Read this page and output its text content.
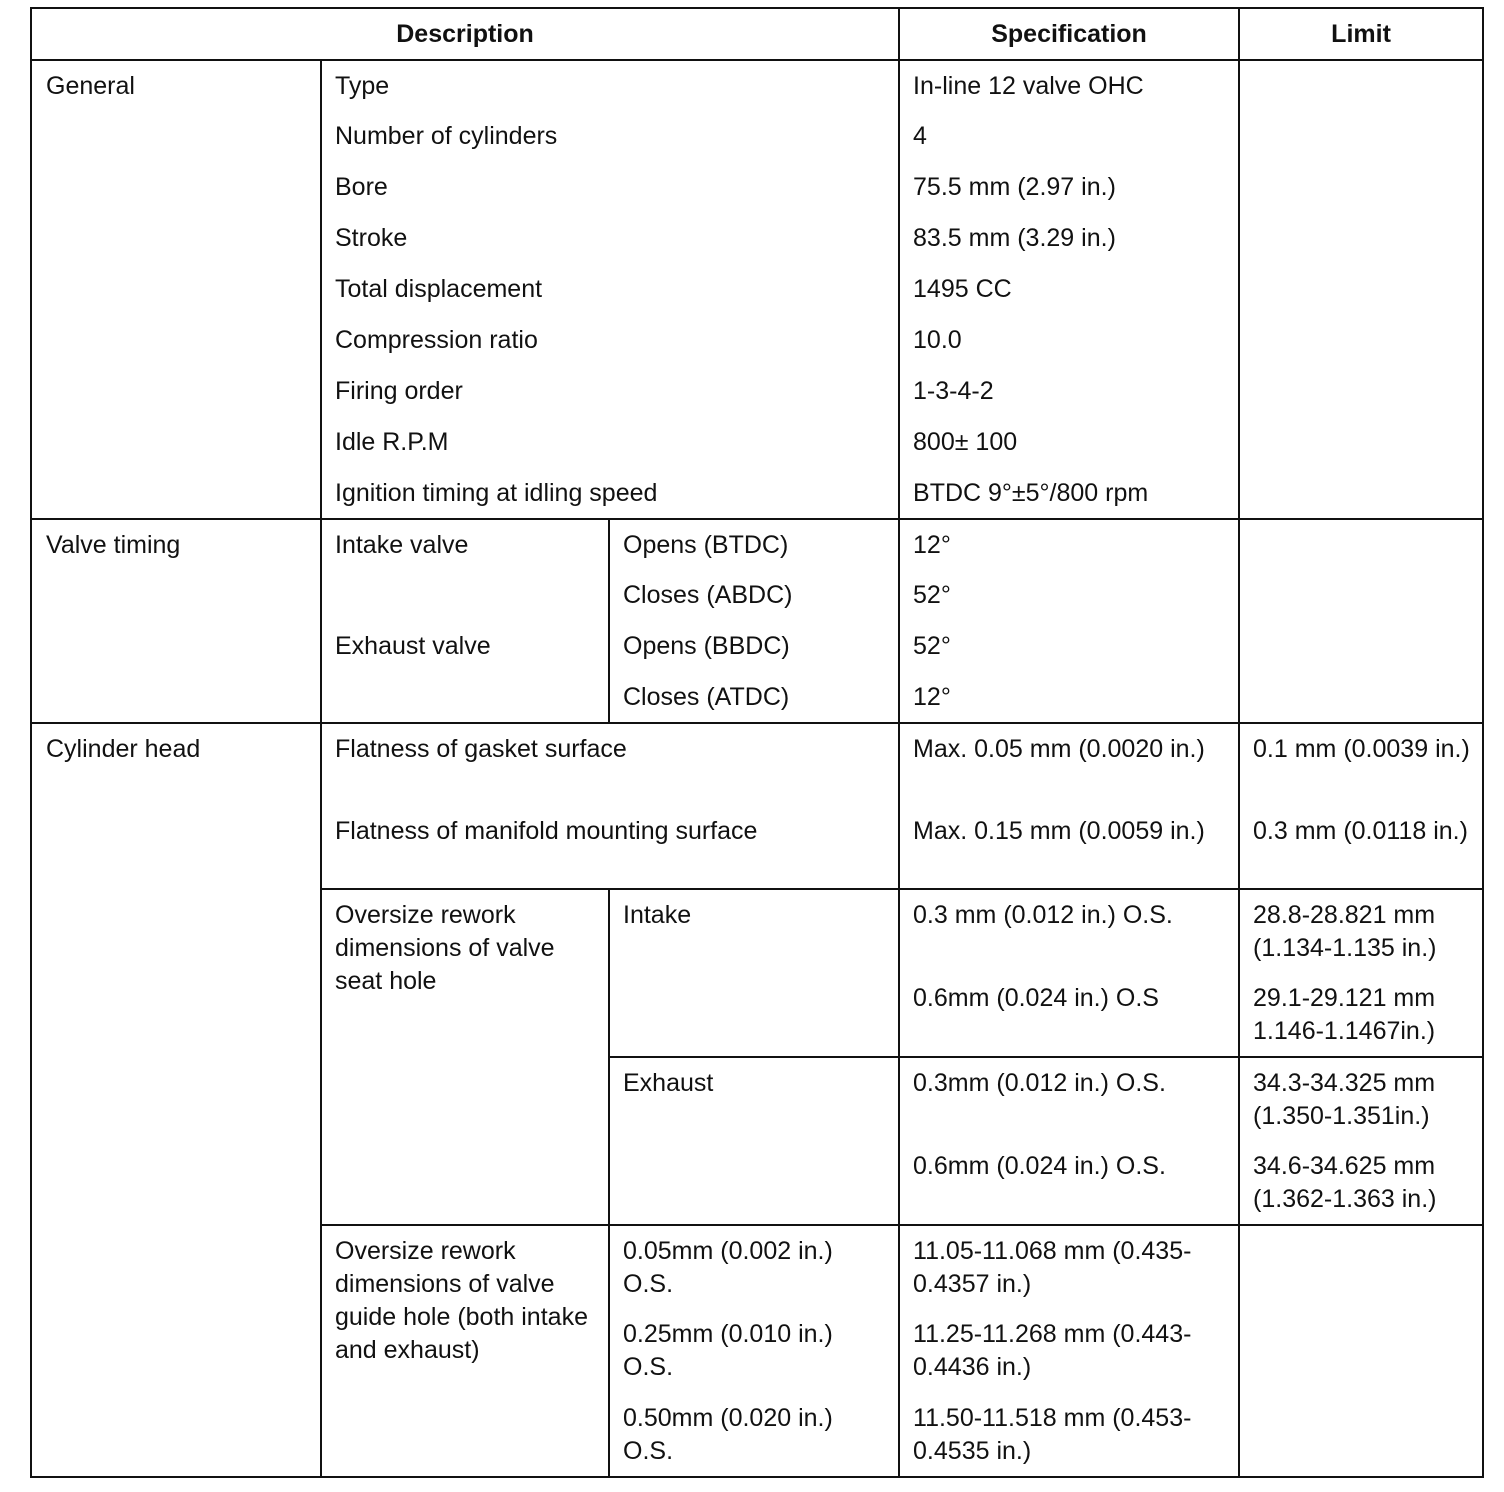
Description			Specification	Limit
General	Type		In-line 12 valve OHC	
	Number of cylinders		4	
	Bore		75.5 mm (2.97 in.)	
	Stroke		83.5 mm (3.29 in.)	
	Total displacement		1495 CC	
	Compression ratio		10.0	
	Firing order		1-3-4-2	
	Idle R.P.M		800± 100	
	Ignition timing at idling speed		BTDC 9°±5°/800 rpm	
Valve timing	Intake valve	Opens (BTDC)	12°	
		Closes (ABDC)	52°	
	Exhaust valve	Opens (BBDC)	52°	
		Closes (ATDC)	12°	
Cylinder head	Flatness of gasket surface		Max. 0.05 mm (0.0020 in.)	0.1 mm (0.0039 in.)
	Flatness of manifold mounting surface		Max. 0.15 mm (0.0059 in.)	0.3 mm (0.0118 in.)
	Oversize rework dimensions of valve seat hole	Intake	0.3 mm (0.012 in.) O.S.	28.8-28.821 mm (1.134-1.135 in.)
			0.6mm (0.024 in.) O.S	29.1-29.121 mm 1.146-1.1467in.)
		Exhaust	0.3mm (0.012 in.) O.S.	34.3-34.325 mm (1.350-1.351in.)
			0.6mm (0.024 in.) O.S.	34.6-34.625 mm (1.362-1.363 in.)
	Oversize rework dimensions of valve guide hole (both intake and exhaust)	0.05mm (0.002 in.) O.S.	11.05-11.068 mm (0.435-0.4357 in.)	
		0.25mm (0.010 in.) O.S.	11.25-11.268 mm (0.443-0.4436 in.)	
		0.50mm (0.020 in.) O.S.	11.50-11.518 mm (0.453-0.4535 in.)	
